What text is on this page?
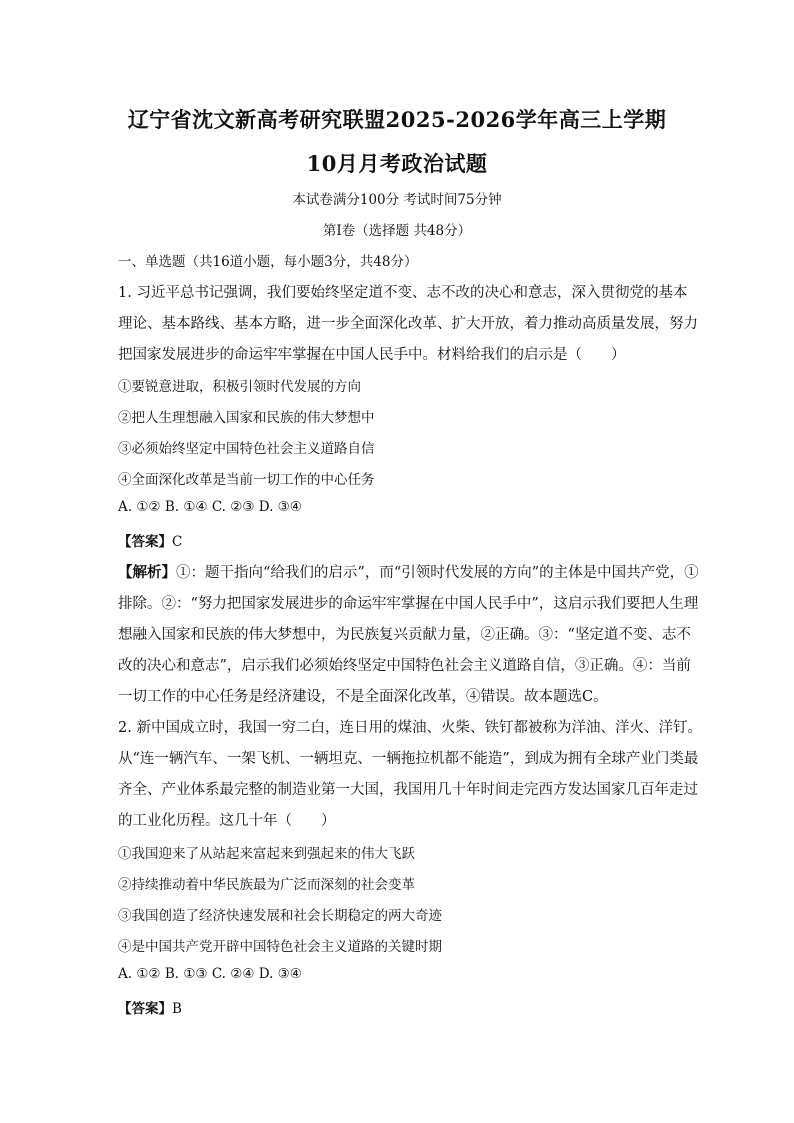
辽宁省沈文新高考研究联盟2025-2026学年高三上学期
10月月考政治试题
本试卷满分100分 考试时间75分钟
第Ⅰ卷（选择题 共48分）
一、单选题（共16道小题，每小题3分，共48分）
1. 习近平总书记强调，我们要始终坚定道不变、志不改的决心和意志，深入贯彻党的基本
理论、基本路线、基本方略，进一步全面深化改革、扩大开放，着力推动高质量发展，努力
把国家发展进步的命运牢牢掌握在中国人民手中。材料给我们的启示是（　　）
①要锐意进取，积极引领时代发展的方向
②把人生理想融入国家和民族的伟大梦想中
③必须始终坚定中国特色社会主义道路自信
④全面深化改革是当前一切工作的中心任务
A. ①② B. ①④ C. ②③ D. ③④
【答案】C
【解析】①：题干指向“给我们的启示”，而“引领时代发展的方向”的主体是中国共产党，①
排除。②：“努力把国家发展进步的命运牢牢掌握在中国人民手中”，这启示我们要把人生理
想融入国家和民族的伟大梦想中，为民族复兴贡献力量，②正确。③：“坚定道不变、志不
改的决心和意志”，启示我们必须始终坚定中国特色社会主义道路自信，③正确。④：当前
一切工作的中心任务是经济建设，不是全面深化改革，④错误。故本题选C。
2. 新中国成立时，我国一穷二白，连日用的煤油、火柴、铁钉都被称为洋油、洋火、洋钉。
从“连一辆汽车、一架飞机、一辆坦克、一辆拖拉机都不能造”，到成为拥有全球产业门类最
齐全、产业体系最完整的制造业第一大国，我国用几十年时间走完西方发达国家几百年走过
的工业化历程。这几十年（　　）
①我国迎来了从站起来富起来到强起来的伟大飞跃
②持续推动着中华民族最为广泛而深刻的社会变革
③我国创造了经济快速发展和社会长期稳定的两大奇迹
④是中国共产党开辟中国特色社会主义道路的关键时期
A. ①② B. ①③ C. ②④ D. ③④
【答案】B
